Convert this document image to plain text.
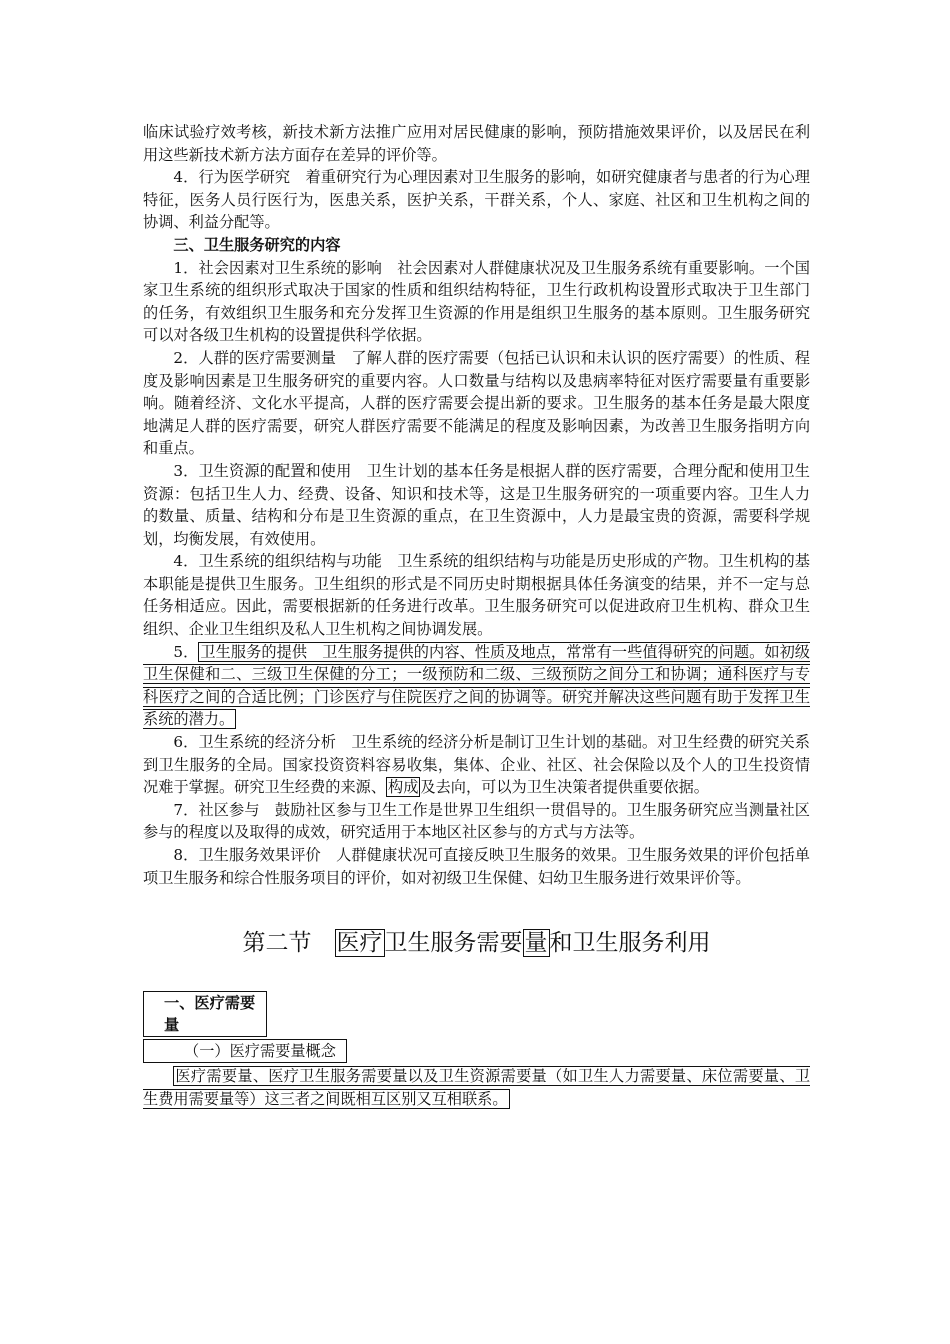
临床试验疗效考核，新技术新方法推广应用对居民健康的影响，预防措施效果评价，以及居民在利用这些新技术新方法方面存在差异的评价等。

4．行为医学研究　着重研究行为心理因素对卫生服务的影响，如研究健康者与患者的行为心理特征，医务人员行医行为，医患关系，医护关系，干群关系，个人、家庭、社区和卫生机构之间的协调、利益分配等。

三、卫生服务研究的内容

1．社会因素对卫生系统的影响　社会因素对人群健康状况及卫生服务系统有重要影响。一个国家卫生系统的组织形式取决于国家的性质和组织结构特征，卫生行政机构设置形式取决于卫生部门的任务，有效组织卫生服务和充分发挥卫生资源的作用是组织卫生服务的基本原则。卫生服务研究可以对各级卫生机构的设置提供科学依据。

2．人群的医疗需要测量　了解人群的医疗需要（包括已认识和未认识的医疗需要）的性质、程度及影响因素是卫生服务研究的重要内容。人口数量与结构以及患病率特征对医疗需要量有重要影响。随着经济、文化水平提高，人群的医疗需要会提出新的要求。卫生服务的基本任务是最大限度地满足人群的医疗需要，研究人群医疗需要不能满足的程度及影响因素，为改善卫生服务指明方向和重点。

3．卫生资源的配置和使用　卫生计划的基本任务是根据人群的医疗需要，合理分配和使用卫生资源：包括卫生人力、经费、设备、知识和技术等，这是卫生服务研究的一项重要内容。卫生人力的数量、质量、结构和分布是卫生资源的重点，在卫生资源中，人力是最宝贵的资源，需要科学规划，均衡发展，有效使用。

4．卫生系统的组织结构与功能　卫生系统的组织结构与功能是历史形成的产物。卫生机构的基本职能是提供卫生服务。卫生组织的形式是不同历史时期根据具体任务演变的结果，并不一定与总任务相适应。因此，需要根据新的任务进行改革。卫生服务研究可以促进政府卫生机构、群众卫生组织、企业卫生组织及私人卫生机构之间协调发展。

5． 卫生服务的提供　卫生服务提供的内容、性质及地点，常常有一些值得研究的问题。如初级卫生保健和二、三级卫生保健的分工；一级预防和二级、三级预防之间分工和协调；通科医疗与专科医疗之间的合适比例；门诊医疗与住院医疗之间的协调等。研究并解决这些问题有助于发挥卫生系统的潜力。

6．卫生系统的经济分析　卫生系统的经济分析是制订卫生计划的基础。对卫生经费的研究关系到卫生服务的全局。国家投资资料容易收集，集体、企业、社区、社会保险以及个人的卫生投资情况难于掌握。研究卫生经费的来源、 构成 及去向，可以为卫生决策者提供重要依据。

7．社区参与　鼓励社区参与卫生工作是世界卫生组织一贯倡导的。卫生服务研究应当测量社区参与的程度以及取得的成效，研究适用于本地区社区参与的方式与方法等。

8．卫生服务效果评价　人群健康状况可直接反映卫生服务的效果。卫生服务效果的评价包括单项卫生服务和综合性服务项目的评价，如对初级卫生保健、妇幼卫生服务进行效果评价等。

第二节　医疗卫生服务需要量和卫生服务利用
一、医疗需要量
（一）医疗需要量概念

医疗需要量、医疗卫生服务需要量以及卫生资源需要量（如卫生人力需要量、床位需要量、卫生费用需要量等）这三者之间既相互区别又互相联系。
